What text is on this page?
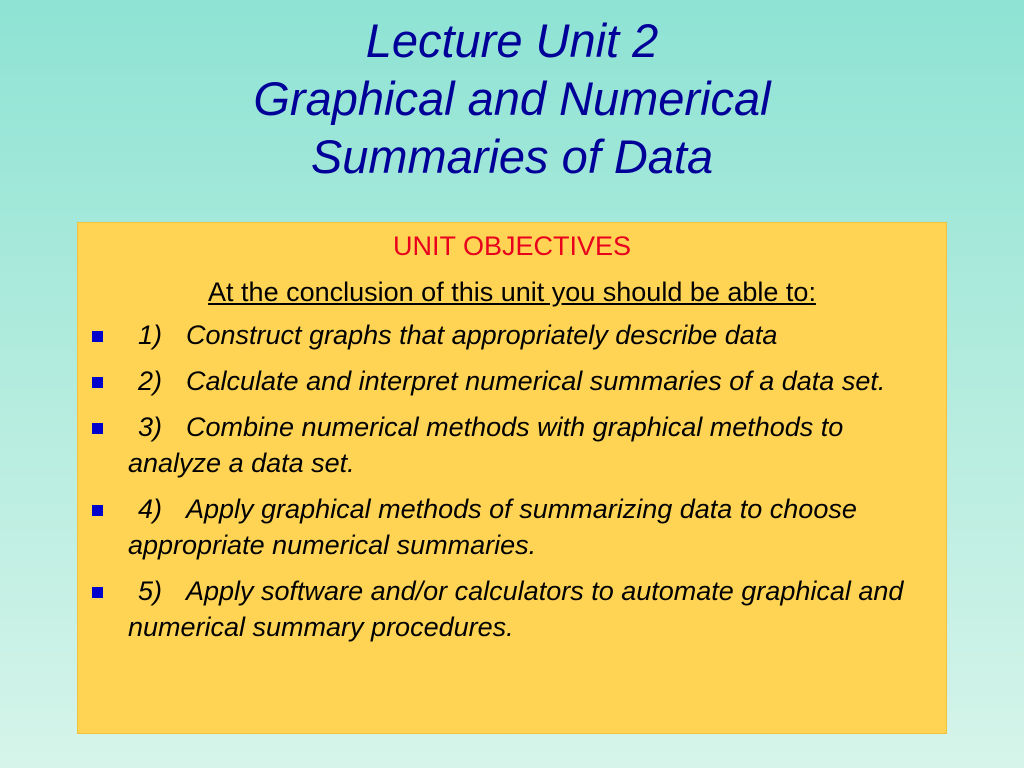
Lecture Unit 2
Graphical and Numerical
Summaries of Data

UNIT OBJECTIVES

At the conclusion of this unit you should be able to:

1) Construct graphs that appropriately describe data
2) Calculate and interpret numerical summaries of a data set.
3) Combine numerical methods with graphical methods to analyze a data set.
4) Apply graphical methods of summarizing data to choose appropriate numerical summaries.
5) Apply software and/or calculators to automate graphical and numerical summary procedures.
